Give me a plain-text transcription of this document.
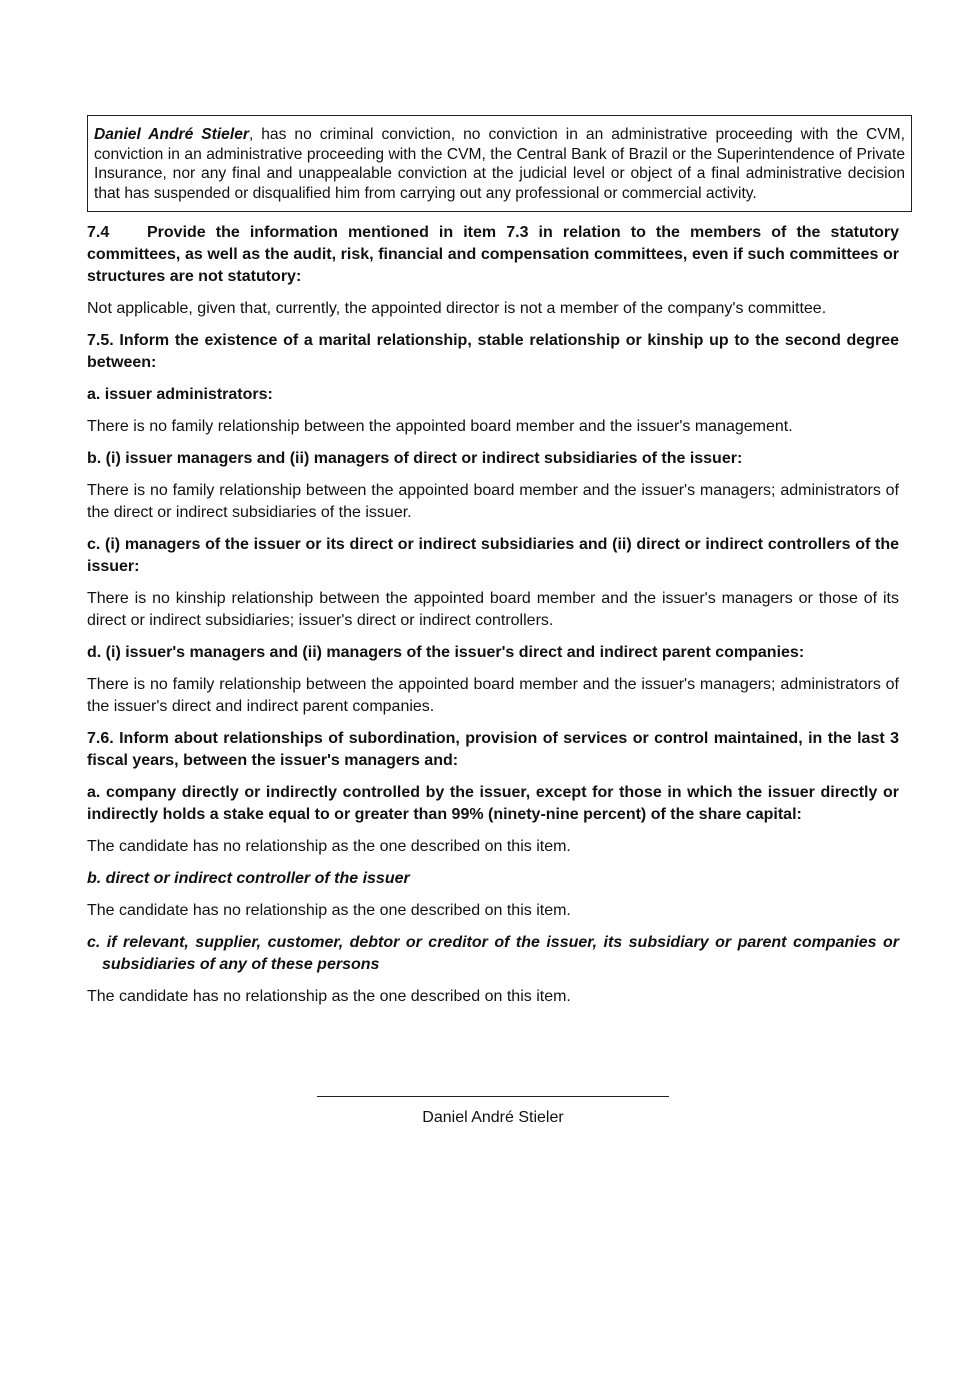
Daniel André Stieler, has no criminal conviction, no conviction in an administrative proceeding with the CVM, conviction in an administrative proceeding with the CVM, the Central Bank of Brazil or the Superintendence of Private Insurance, nor any final and unappealable conviction at the judicial level or object of a final administrative decision that has suspended or disqualified him from carrying out any professional or commercial activity.

7.4 Provide the information mentioned in item 7.3 in relation to the members of the statutory committees, as well as the audit, risk, financial and compensation committees, even if such committees or structures are not statutory:

Not applicable, given that, currently, the appointed director is not a member of the company's committee.

7.5. Inform the existence of a marital relationship, stable relationship or kinship up to the second degree between:

a. issuer administrators:

There is no family relationship between the appointed board member and the issuer's management.

b. (i) issuer managers and (ii) managers of direct or indirect subsidiaries of the issuer:

There is no family relationship between the appointed board member and the issuer's managers; administrators of the direct or indirect subsidiaries of the issuer.

c. (i) managers of the issuer or its direct or indirect subsidiaries and (ii) direct or indirect controllers of the issuer:

There is no kinship relationship between the appointed board member and the issuer's managers or those of its direct or indirect subsidiaries; issuer's direct or indirect controllers.

d. (i) issuer's managers and (ii) managers of the issuer's direct and indirect parent companies:

There is no family relationship between the appointed board member and the issuer's managers; administrators of the issuer's direct and indirect parent companies.

7.6. Inform about relationships of subordination, provision of services or control maintained, in the last 3 fiscal years, between the issuer's managers and:

a. company directly or indirectly controlled by the issuer, except for those in which the issuer directly or indirectly holds a stake equal to or greater than 99% (ninety-nine percent) of the share capital:

The candidate has no relationship as the one described on this item.

b. direct or indirect controller of the issuer

The candidate has no relationship as the one described on this item.

c. if relevant, supplier, customer, debtor or creditor of the issuer, its subsidiary or parent companies or subsidiaries of any of these persons

The candidate has no relationship as the one described on this item.

Daniel André Stieler
